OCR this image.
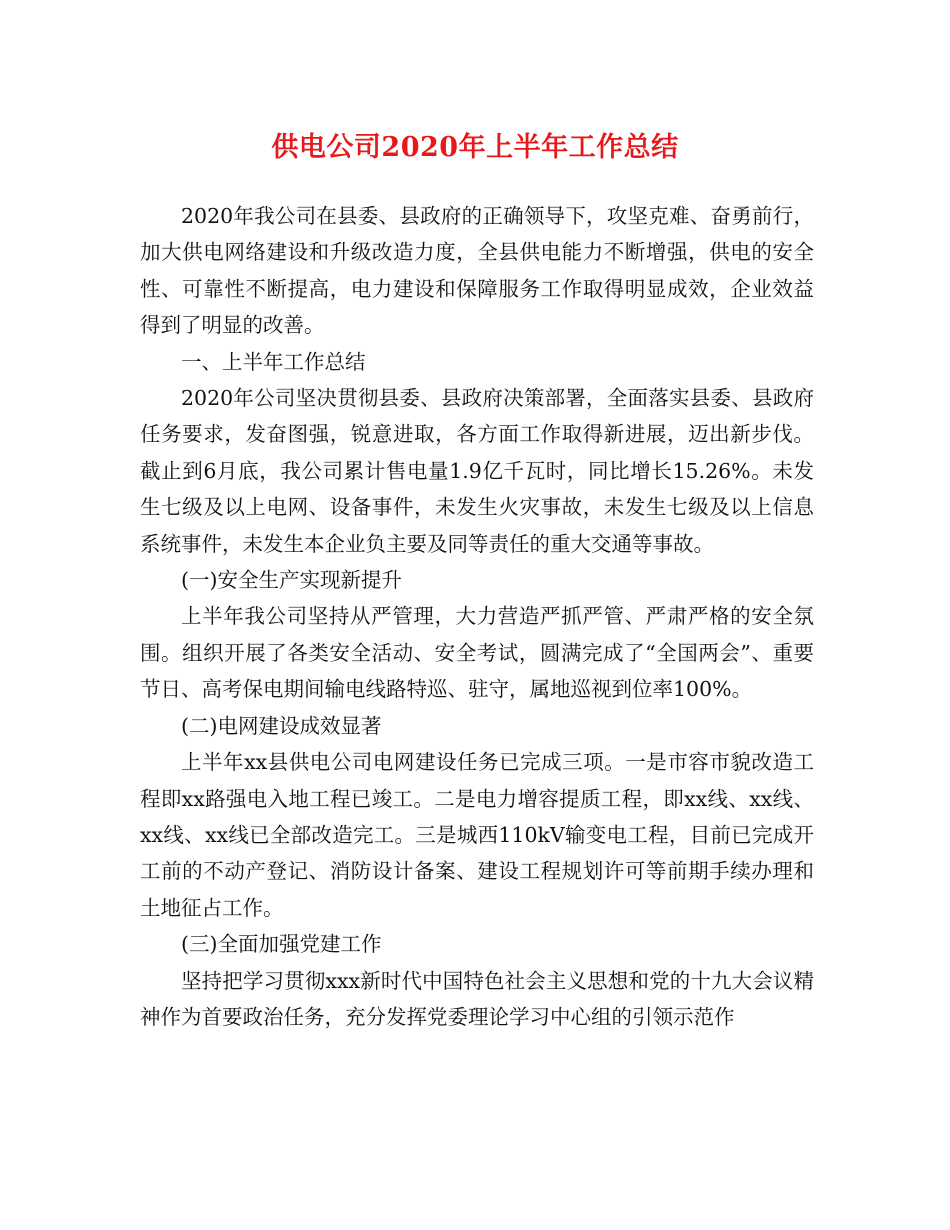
供电公司2020年上半年工作总结

2020年我公司在县委、县政府的正确领导下，攻坚克难、奋勇前行，加大供电网络建设和升级改造力度，全县供电能力不断增强，供电的安全性、可靠性不断提高，电力建设和保障服务工作取得明显成效，企业效益得到了明显的改善。

一、上半年工作总结

2020年公司坚决贯彻县委、县政府决策部署，全面落实县委、县政府任务要求，发奋图强，锐意进取，各方面工作取得新进展，迈出新步伐。截止到6月底，我公司累计售电量1.9亿千瓦时，同比增长15.26%。未发生七级及以上电网、设备事件，未发生火灾事故，未发生七级及以上信息系统事件，未发生本企业负主要及同等责任的重大交通等事故。

(一)安全生产实现新提升

上半年我公司坚持从严管理，大力营造严抓严管、严肃严格的安全氛围。组织开展了各类安全活动、安全考试，圆满完成了“全国两会”、重要节日、高考保电期间输电线路特巡、驻守，属地巡视到位率100%。

(二)电网建设成效显著

上半年xx县供电公司电网建设任务已完成三项。一是市容市貌改造工程即xx路强电入地工程已竣工。二是电力增容提质工程，即xx线、xx线、xx线、xx线已全部改造完工。三是城西110kV输变电工程，目前已完成开工前的不动产登记、消防设计备案、建设工程规划许可等前期手续办理和土地征占工作。

(三)全面加强党建工作

坚持把学习贯彻xxx新时代中国特色社会主义思想和党的十九大会议精神作为首要政治任务，充分发挥党委理论学习中心组的引领示范作
